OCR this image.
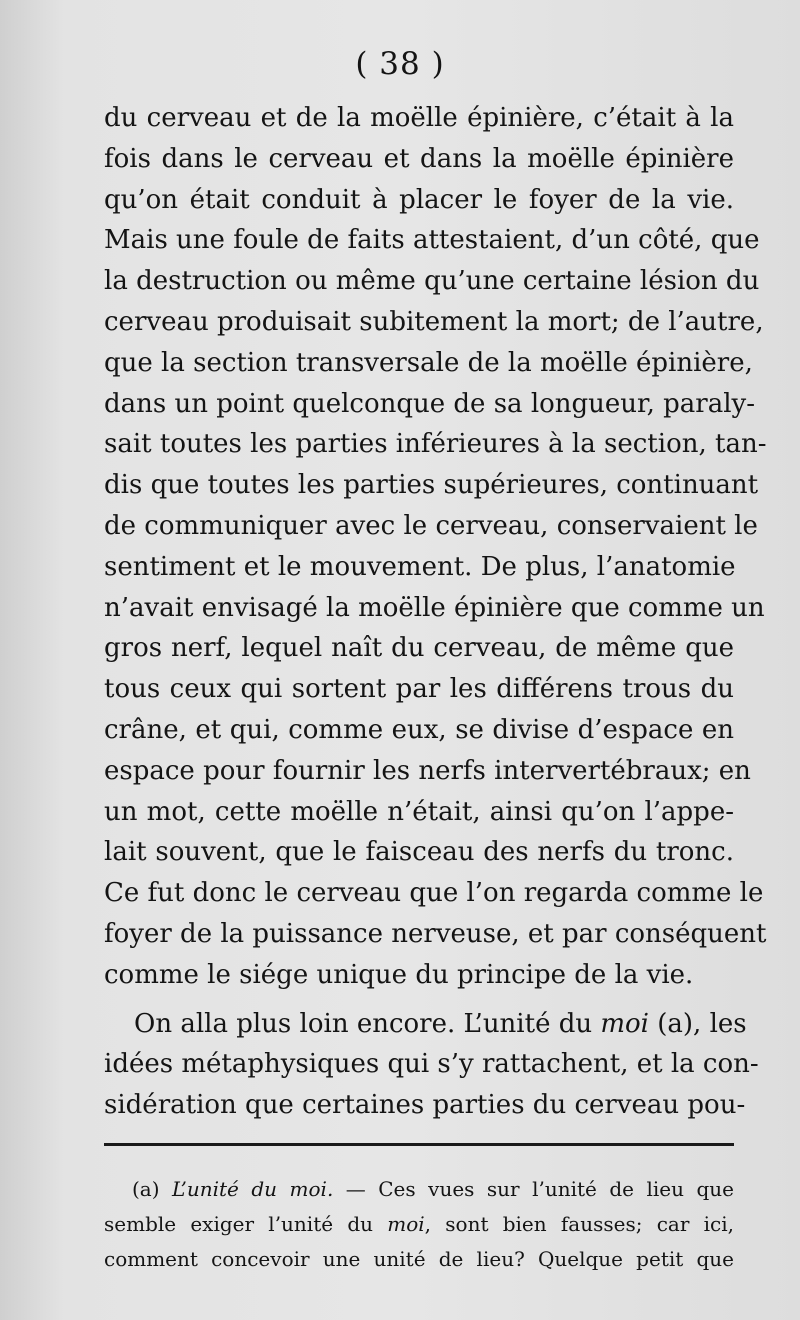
( 38 )
du cerveau et de la moëlle épinière, c’était à la
fois dans le cerveau et dans la moëlle épinière
qu’on était conduit à placer le foyer de la vie.
Mais une foule de faits attestaient, d’un côté, que
la destruction ou même qu’une certaine lésion du
cerveau produisait subitement la mort; de l’autre,
que la section transversale de la moëlle épinière,
dans un point quelconque de sa longueur, paraly-
sait toutes les parties inférieures à la section, tan-
dis que toutes les parties supérieures, continuant
de communiquer avec le cerveau, conservaient le
sentiment et le mouvement. De plus, l’anatomie
n’avait envisagé la moëlle épinière que comme un
gros nerf, lequel naît du cerveau, de même que
tous ceux qui sortent par les différens trous du
crâne, et qui, comme eux, se divise d’espace en
espace pour fournir les nerfs intervertébraux; en
un mot, cette moëlle n’était, ainsi qu’on l’appe-
lait souvent, que le faisceau des nerfs du tronc.
Ce fut donc le cerveau que l’on regarda comme le
foyer de la puissance nerveuse, et par conséquent
comme le siége unique du principe de la vie.
On alla plus loin encore. L’unité du moi (a), les
idées métaphysiques qui s’y rattachent, et la con-
sidération que certaines parties du cerveau pou-
(a) L’unité du moi. — Ces vues sur l’unité de lieu que
semble exiger l’unité du moi, sont bien fausses; car ici,
comment concevoir une unité de lieu? Quelque petit que
